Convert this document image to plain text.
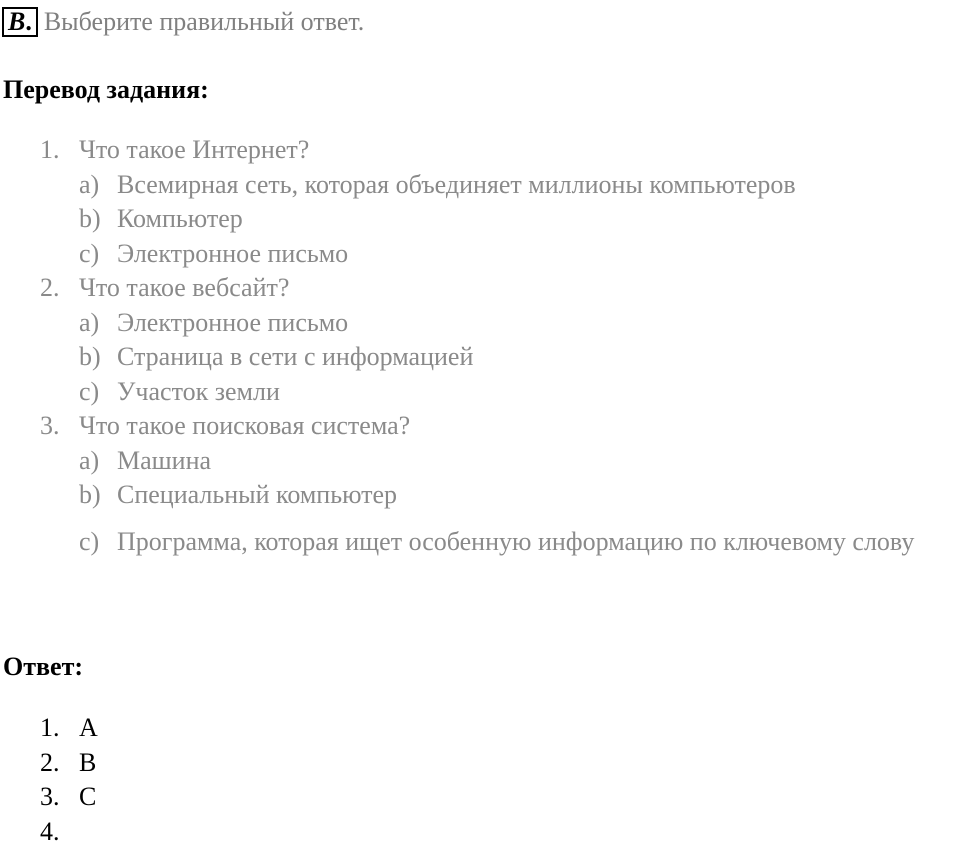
B. Выберите правильный ответ.
Перевод задания:
1. Что такое Интернет?
a) Всемирная сеть, которая объединяет миллионы компьютеров
b) Компьютер
c) Электронное письмо
2. Что такое вебсайт?
a) Электронное письмо
b) Страница в сети с информацией
c) Участок земли
3. Что такое поисковая система?
a) Машина
b) Специальный компьютер
c) Программа, которая ищет особенную информацию по ключевому слову
Ответ:
1. A
2. B
3. C
4.
